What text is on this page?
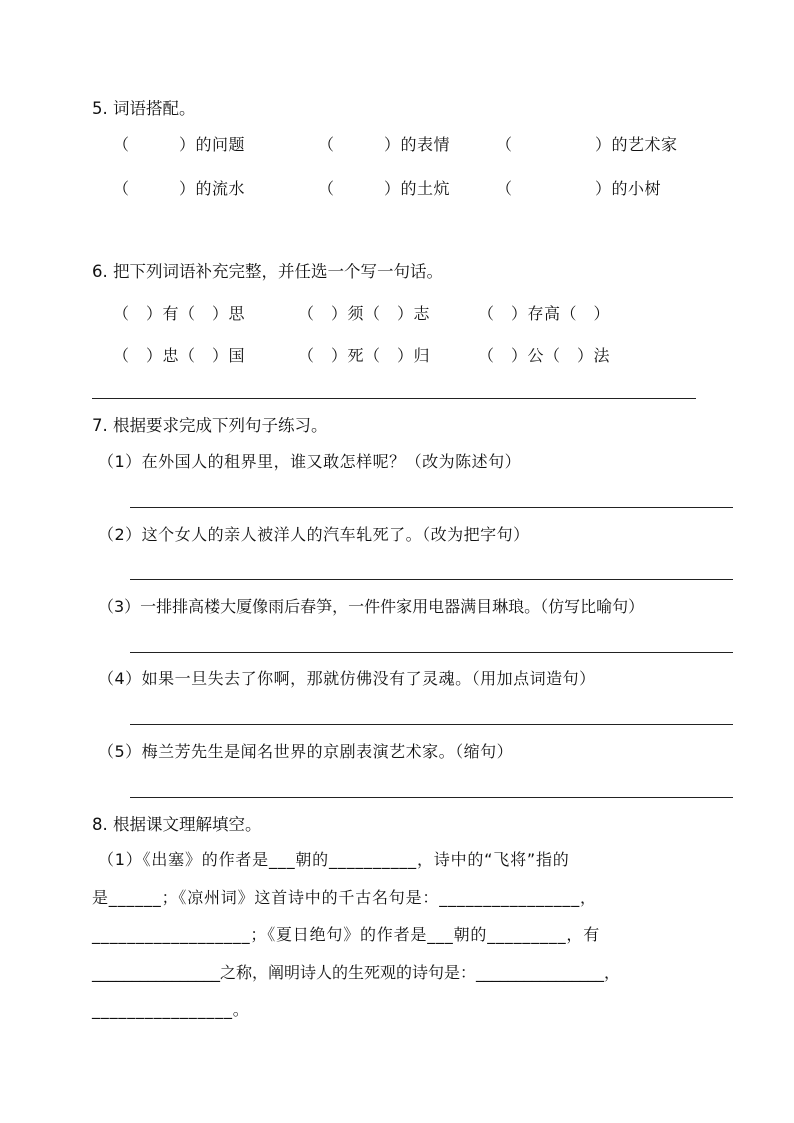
5. 词语搭配。
（　　　）的问题	（　　　）的表情	（　　　　　）的艺术家
（　　　）的流水	（　　　）的土炕	（　　　　　）的小树
6. 把下列词语补充完整，并任选一个写一句话。
（　）有（　）思	（　）须（　）志	（　）存高（　）
（　）忠（　）国	（　）死（　）归	（　）公（　）法
7. 根据要求完成下列句子练习。
（1）在外国人的租界里，谁又敢怎样呢？（改为陈述句）
（2）这个女人的亲人被洋人的汽车轧死了。（改为把字句）
（3）一排排高楼大厦像雨后春笋，一件件家用电器满目琳琅。（仿写比喻句）
（4）如果一旦失去了你啊，那就仿佛没有了灵魂。（用加点词造句）
（5）梅兰芳先生是闻名世界的京剧表演艺术家。（缩句）
8. 根据课文理解填空。
（1）《出塞》的作者是___朝的__________，诗中的“飞将”指的
是______；《凉州词》这首诗中的千古名句是：________________，
__________________；《夏日绝句》的作者是___朝的_________，有
________________之称，阐明诗人的生死观的诗句是：________________，
________________。
